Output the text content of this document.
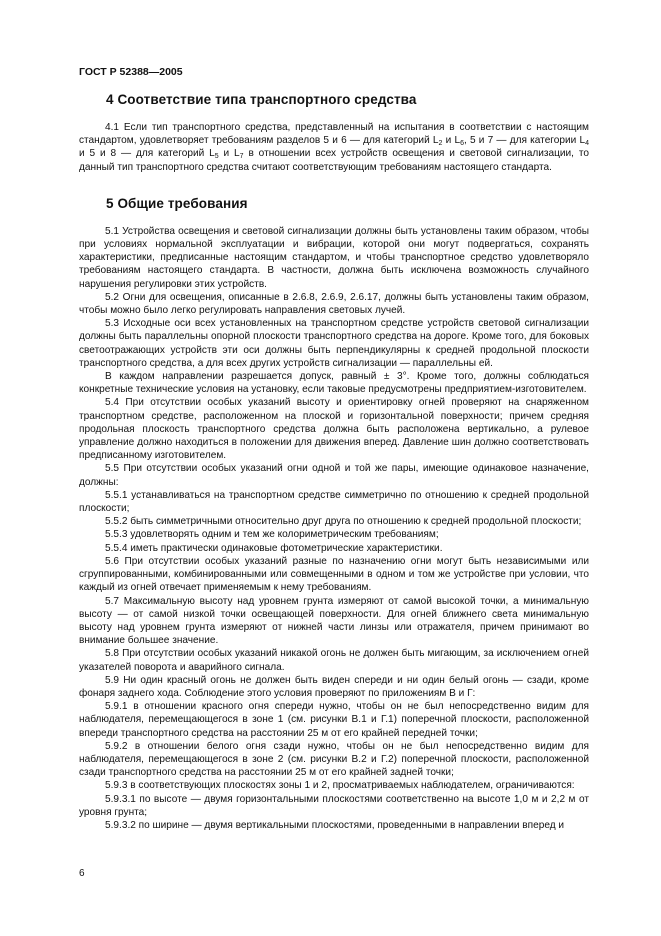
ГОСТ Р 52388—2005
4 Соответствие типа транспортного средства

4.1 Если тип транспортного средства, представленный на испытания в соответствии с настоящим стандартом, удовлетворяет требованиям разделов 5 и 6 — для категорий $L_2$ и $L_6$, 5 и 7 — для категории $L_4$ и 5 и 8 — для категорий $L_5$ и $L_7$ в отношении всех устройств освещения и световой сигнализации, то данный тип транспортного средства считают соответствующим требованиям настоящего стандарта.

5 Общие требования

5.1 Устройства освещения и световой сигнализации должны быть установлены таким образом, чтобы при условиях нормальной эксплуатации и вибрации, которой они могут подвергаться, сохранять характеристики, предписанные настоящим стандартом, и чтобы транспортное средство удовлетворяло требованиям настоящего стандарта. В частности, должна быть исключена возможность случайного нарушения регулировки этих устройств.

5.2 Огни для освещения, описанные в 2.6.8, 2.6.9, 2.6.17, должны быть установлены таким образом, чтобы можно было легко регулировать направления световых лучей.

5.3 Исходные оси всех установленных на транспортном средстве устройств световой сигнализации должны быть параллельны опорной плоскости транспортного средства на дороге. Кроме того, для боковых светоотражающих устройств эти оси должны быть перпендикулярны к средней продольной плоскости транспортного средства, а для всех других устройств сигнализации — параллельны ей.

В каждом направлении разрешается допуск, равный ± 3°. Кроме того, должны соблюдаться конкретные технические условия на установку, если таковые предусмотрены предприятием-изготовителем.

5.4 При отсутствии особых указаний высоту и ориентировку огней проверяют на снаряженном транспортном средстве, расположенном на плоской и горизонтальной поверхности; причем средняя продольная плоскость транспортного средства должна быть расположена вертикально, а рулевое управление должно находиться в положении для движения вперед. Давление шин должно соответствовать предписанному изготовителем.

5.5 При отсутствии особых указаний огни одной и той же пары, имеющие одинаковое назначение, должны:

5.5.1 устанавливаться на транспортном средстве симметрично по отношению к средней продольной плоскости;

5.5.2 быть симметричными относительно друг друга по отношению к средней продольной плоскости;

5.5.3 удовлетворять одним и тем же колориметрическим требованиям;

5.5.4 иметь практически одинаковые фотометрические характеристики.

5.6 При отсутствии особых указаний разные по назначению огни могут быть независимыми или сгруппированными, комбинированными или совмещенными в одном и том же устройстве при условии, что каждый из огней отвечает применяемым к нему требованиям.

5.7 Максимальную высоту над уровнем грунта измеряют от самой высокой точки, а минимальную высоту — от самой низкой точки освещающей поверхности. Для огней ближнего света минимальную высоту над уровнем грунта измеряют от нижней части линзы или отражателя, причем принимают во внимание большее значение.

5.8 При отсутствии особых указаний никакой огонь не должен быть мигающим, за исключением огней указателей поворота и аварийного сигнала.

5.9 Ни один красный огонь не должен быть виден спереди и ни один белый огонь — сзади, кроме фонаря заднего хода. Соблюдение этого условия проверяют по приложениям В и Г:

5.9.1 в отношении красного огня спереди нужно, чтобы он не был непосредственно видим для наблюдателя, перемещающегося в зоне 1 (см. рисунки В.1 и Г.1) поперечной плоскости, расположенной впереди транспортного средства на расстоянии 25 м от его крайней передней точки;

5.9.2 в отношении белого огня сзади нужно, чтобы он не был непосредственно видим для наблюдателя, перемещающегося в зоне 2 (см. рисунки В.2 и Г.2) поперечной плоскости, расположенной сзади транспортного средства на расстоянии 25 м от его крайней задней точки;

5.9.3 в соответствующих плоскостях зоны 1 и 2, просматриваемых наблюдателем, ограничиваются:

5.9.3.1 по высоте — двумя горизонтальными плоскостями соответственно на высоте 1,0 м и 2,2 м от уровня грунта;

5.9.3.2 по ширине — двумя вертикальными плоскостями, проведенными в направлении вперед и

6
